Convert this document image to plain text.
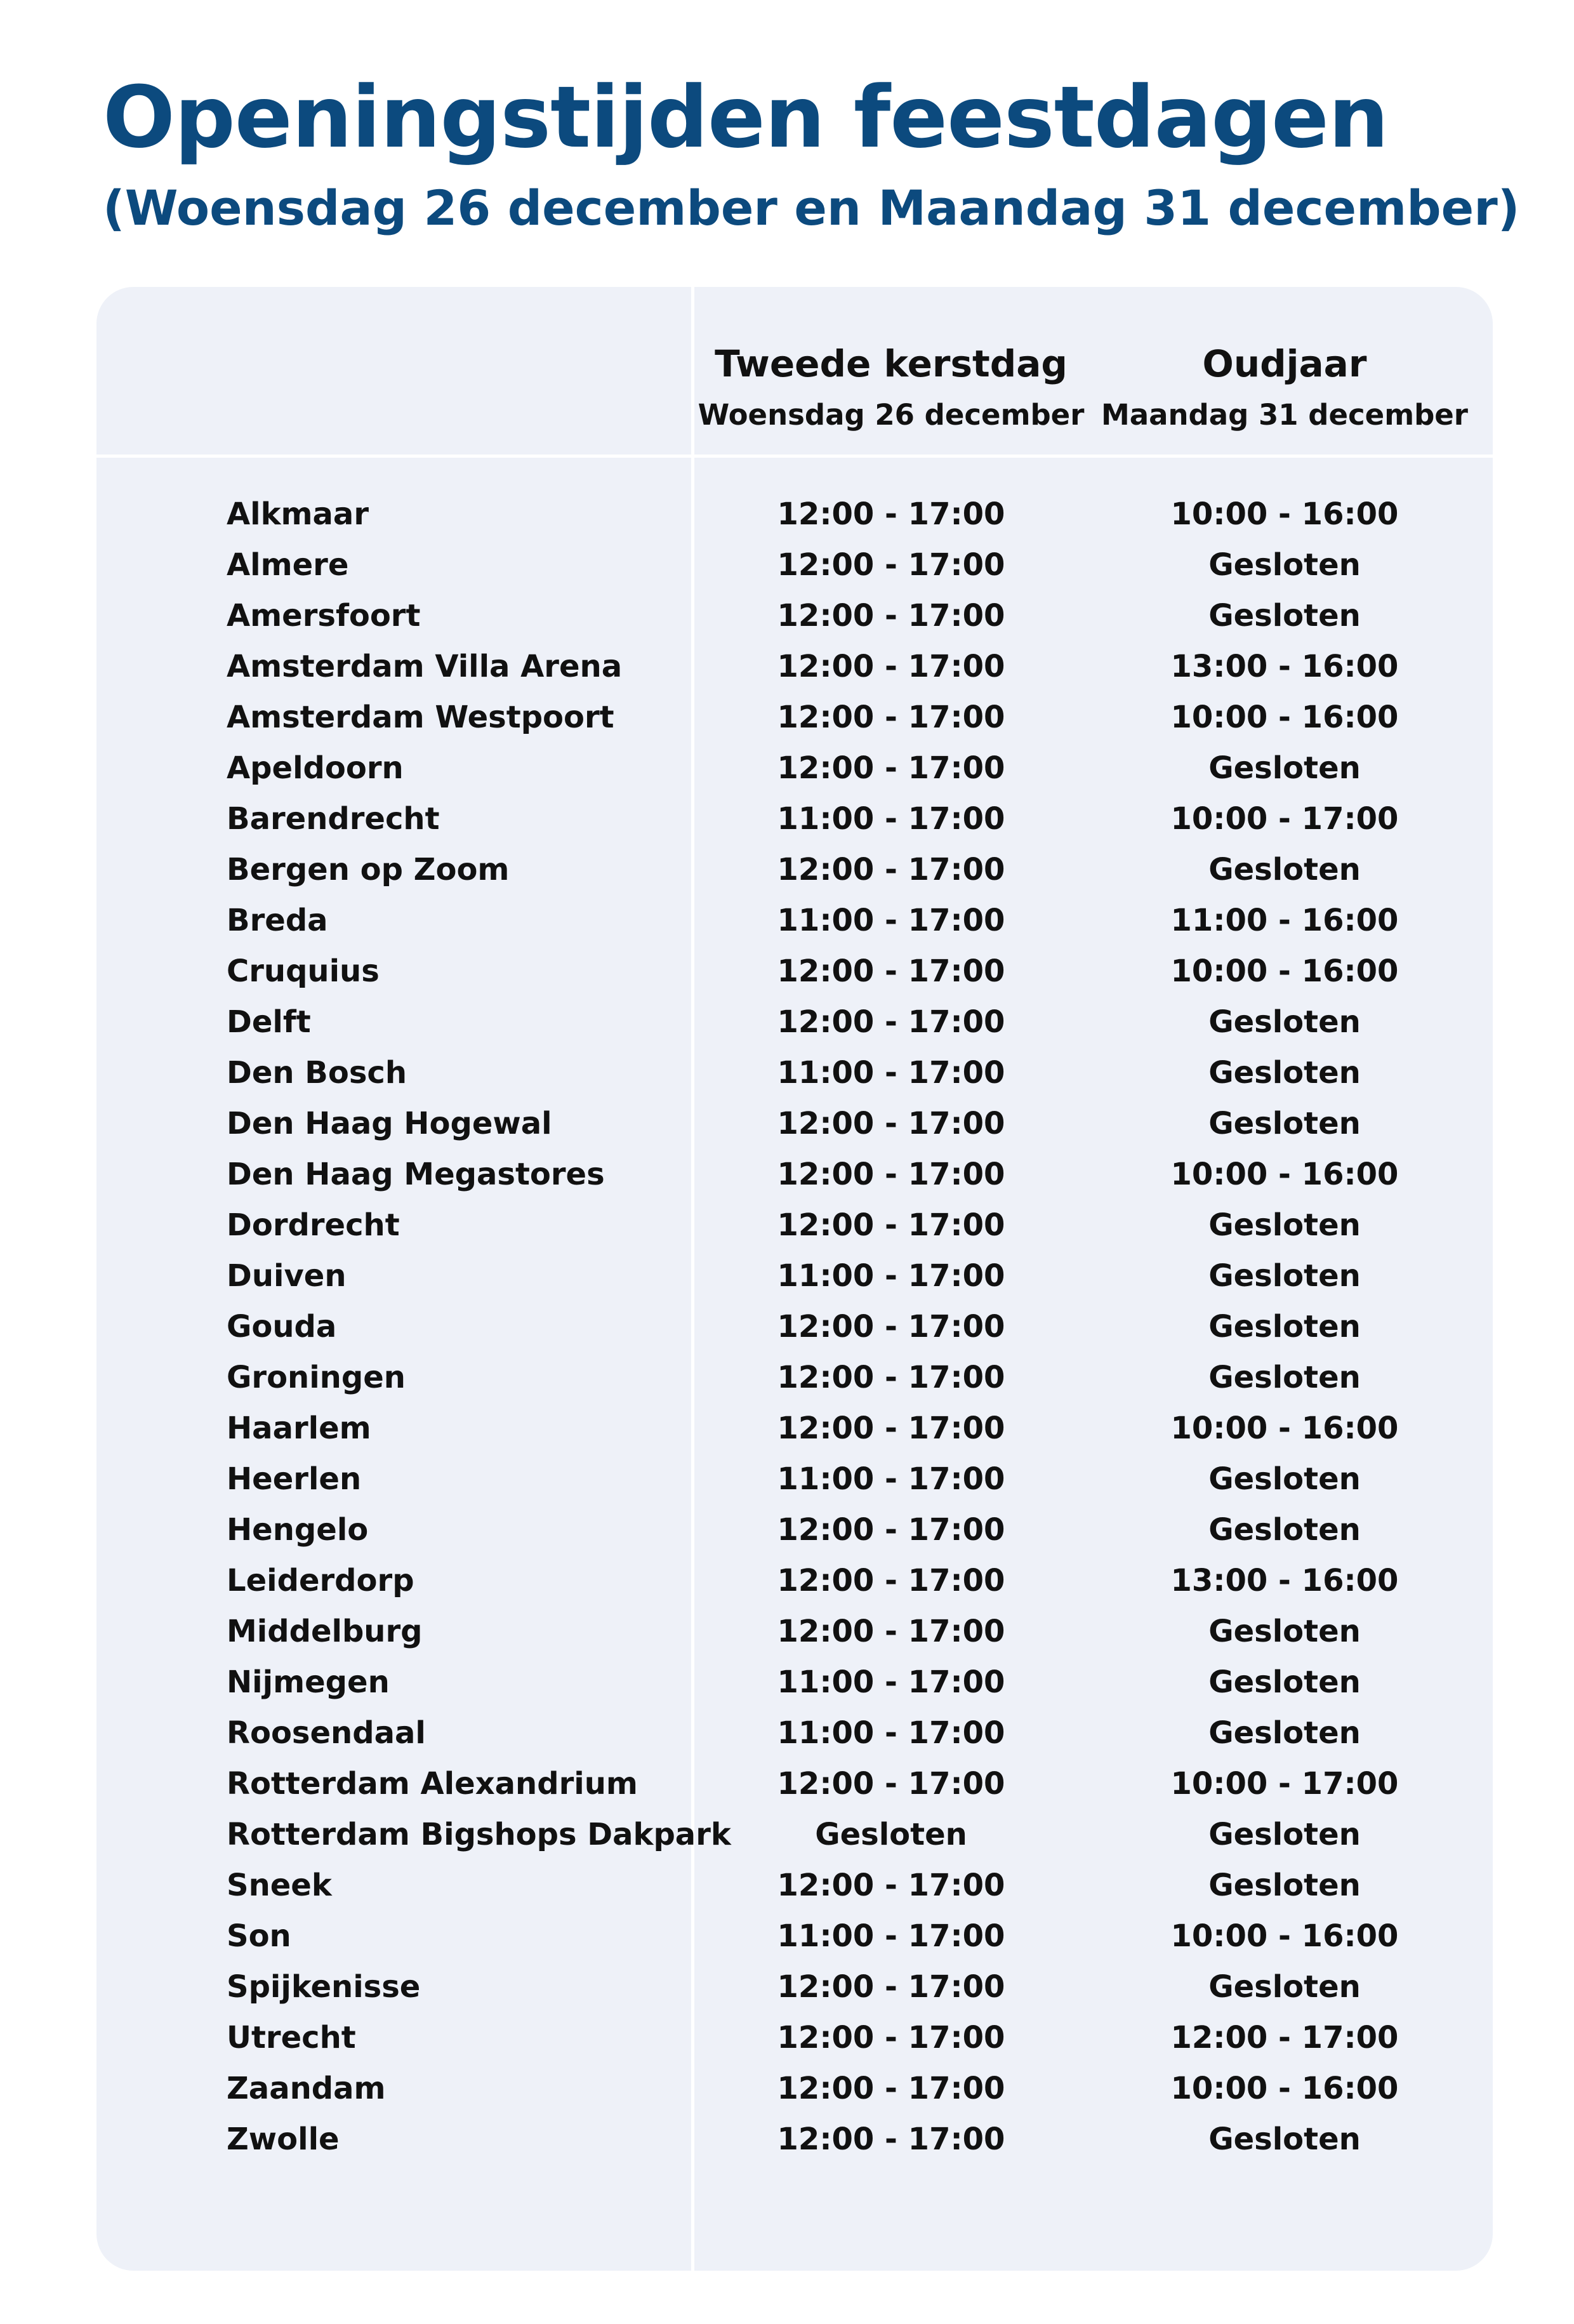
Openingstijden feestdagen
(Woensdag 26 december en Maandag 31 december)
Tweede kerstdag
Woensdag 26 december
Oudjaar
Maandag 31 december
Alkmaar	12:00 - 17:00	10:00 - 16:00
Almere	12:00 - 17:00	Gesloten
Amersfoort	12:00 - 17:00	Gesloten
Amsterdam Villa Arena	12:00 - 17:00	13:00 - 16:00
Amsterdam Westpoort	12:00 - 17:00	10:00 - 16:00
Apeldoorn	12:00 - 17:00	Gesloten
Barendrecht	11:00 - 17:00	10:00 - 17:00
Bergen op Zoom	12:00 - 17:00	Gesloten
Breda	11:00 - 17:00	11:00 - 16:00
Cruquius	12:00 - 17:00	10:00 - 16:00
Delft	12:00 - 17:00	Gesloten
Den Bosch	11:00 - 17:00	Gesloten
Den Haag Hogewal	12:00 - 17:00	Gesloten
Den Haag Megastores	12:00 - 17:00	10:00 - 16:00
Dordrecht	12:00 - 17:00	Gesloten
Duiven	11:00 - 17:00	Gesloten
Gouda	12:00 - 17:00	Gesloten
Groningen	12:00 - 17:00	Gesloten
Haarlem	12:00 - 17:00	10:00 - 16:00
Heerlen	11:00 - 17:00	Gesloten
Hengelo	12:00 - 17:00	Gesloten
Leiderdorp	12:00 - 17:00	13:00 - 16:00
Middelburg	12:00 - 17:00	Gesloten
Nijmegen	11:00 - 17:00	Gesloten
Roosendaal	11:00 - 17:00	Gesloten
Rotterdam Alexandrium	12:00 - 17:00	10:00 - 17:00
Rotterdam Bigshops Dakpark	Gesloten	Gesloten
Sneek	12:00 - 17:00	Gesloten
Son	11:00 - 17:00	10:00 - 16:00
Spijkenisse	12:00 - 17:00	Gesloten
Utrecht	12:00 - 17:00	12:00 - 17:00
Zaandam	12:00 - 17:00	10:00 - 16:00
Zwolle	12:00 - 17:00	Gesloten
